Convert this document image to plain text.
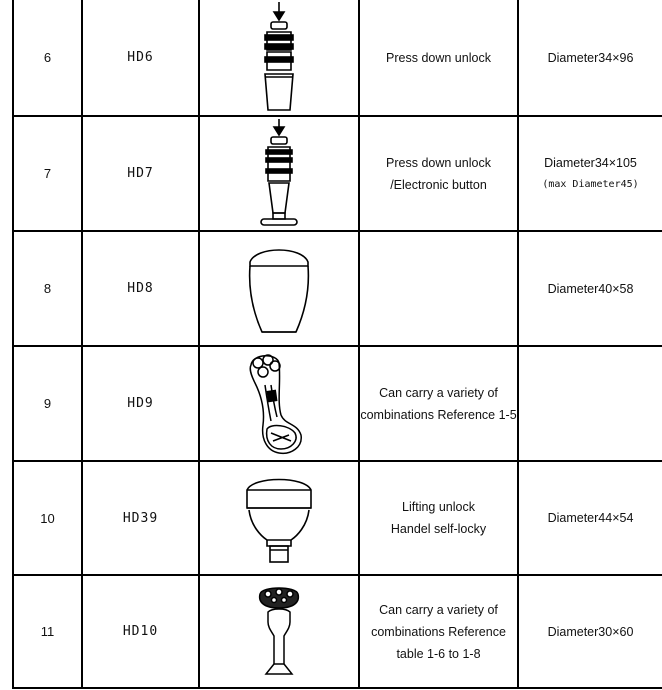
6	HD6		Press down unlock	Diameter34×96

7	HD7		Press down unlock
/Electronic button	Diameter34×105
(max Diameter45)

8	HD8			Diameter40×58

9	HD9		Can carry a variety of
combinations Reference 1-5	

10	HD39		Lifting unlock
Handel self-locky	Diameter44×54

11	HD10		Can carry a variety of
combinations Reference
table 1-6 to 1-8	Diameter30×60
